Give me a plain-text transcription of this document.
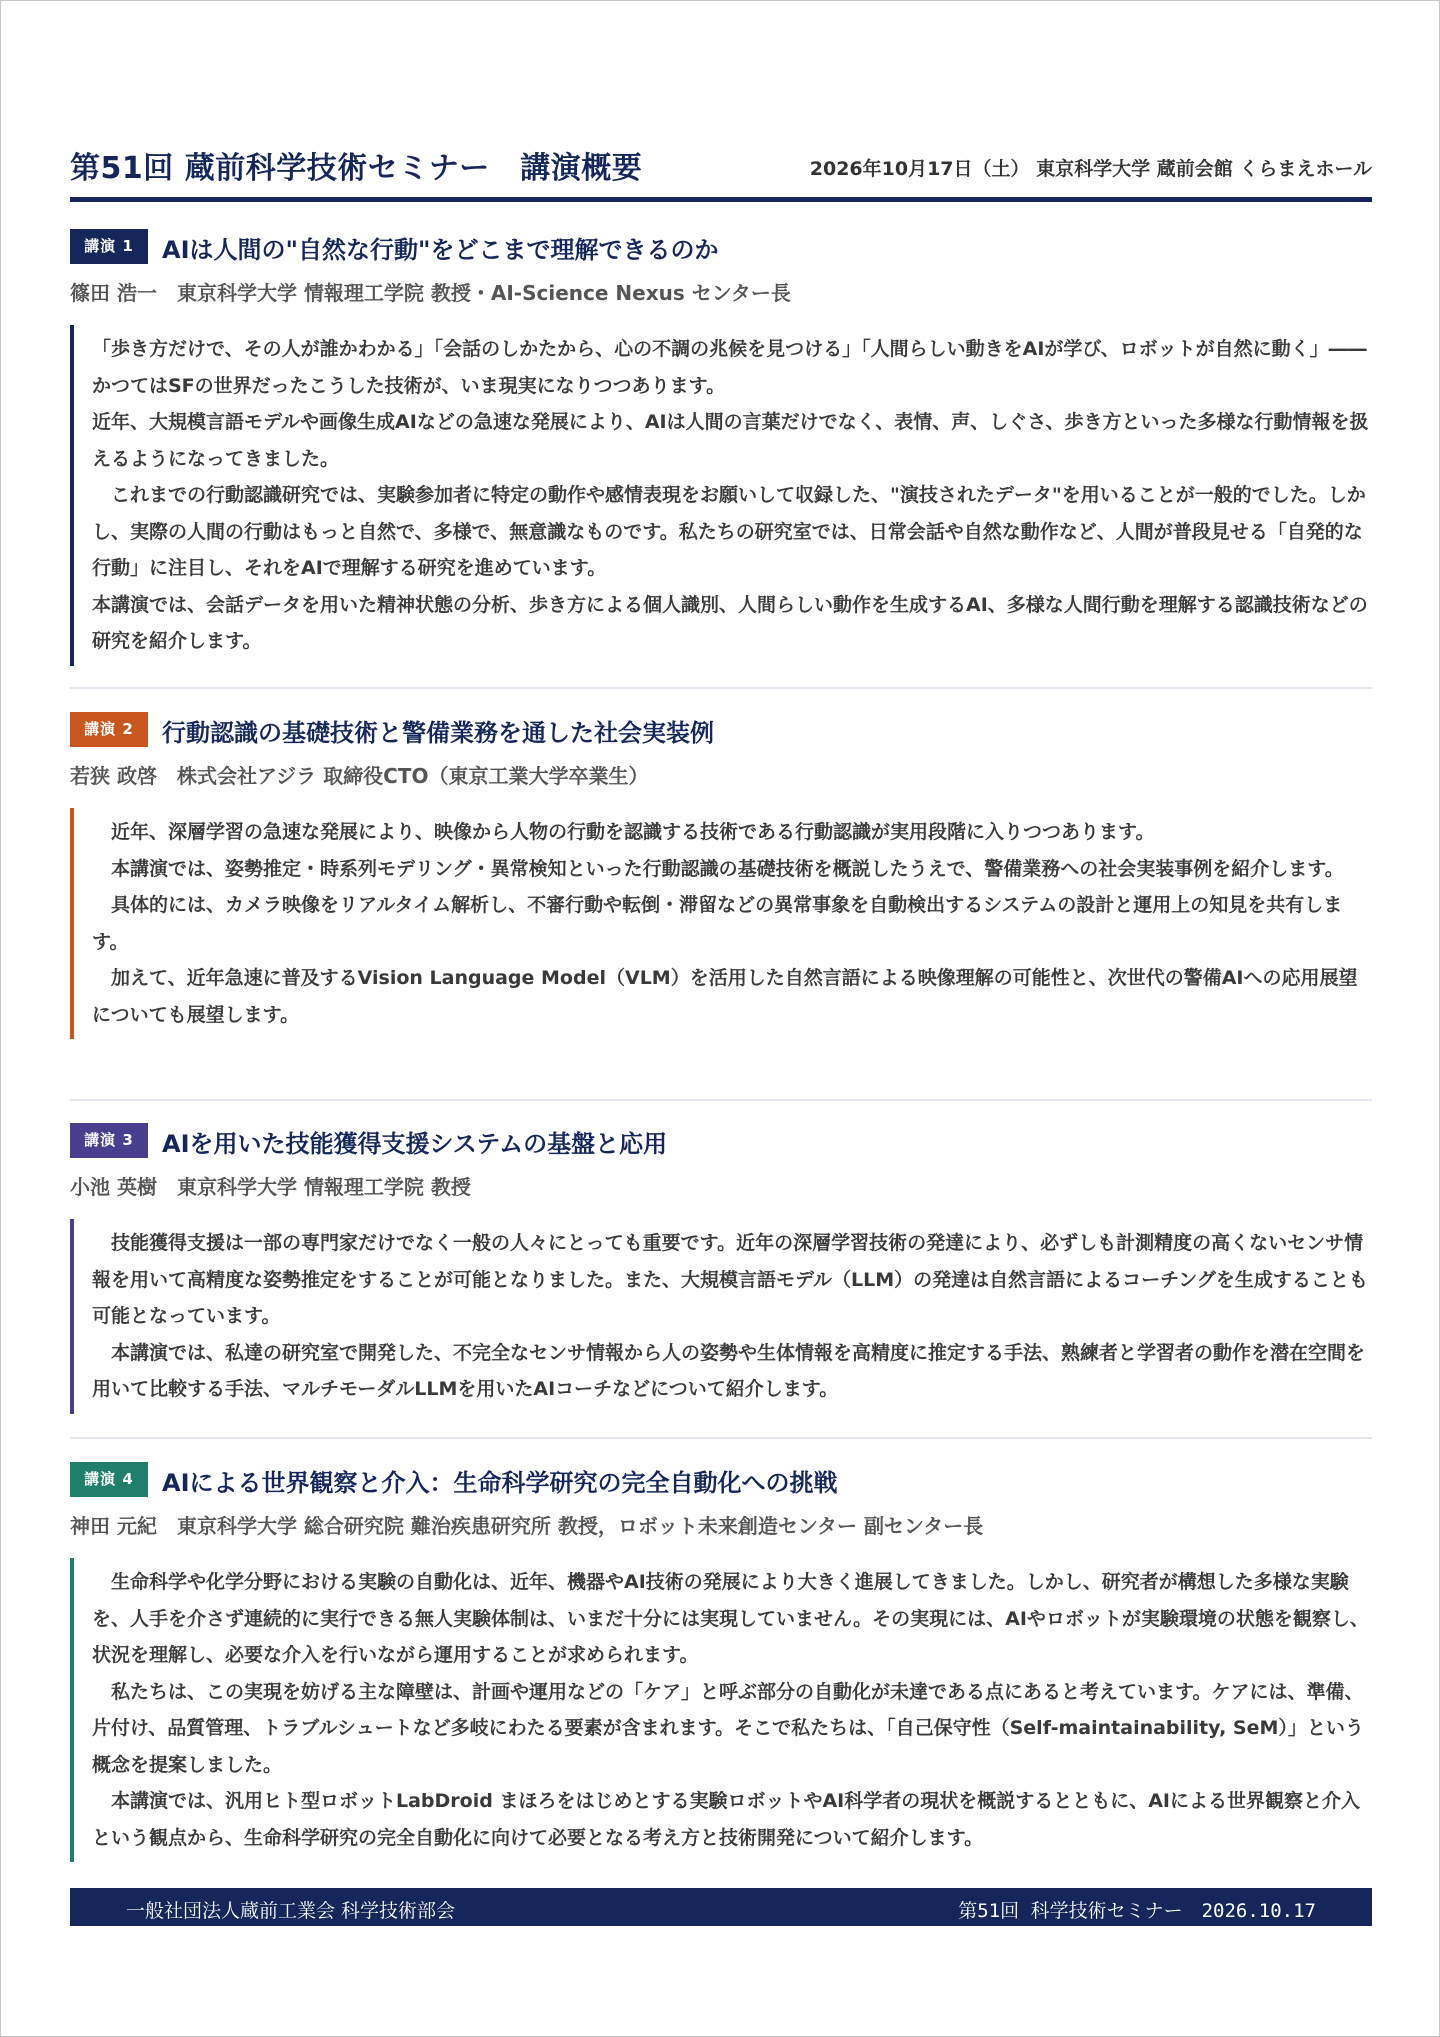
第51回 蔵前科学技術セミナー　講演概要	2026年10月17日（土） 東京科学大学 蔵前会館 くらまえホール
講演 1	AIは人間の"自然な行動"をどこまで理解できるのか
篠田 浩一　東京科学大学 情報理工学院 教授・AI-Science Nexus センター長

「歩き方だけで、その人が誰かわかる」「会話のしかたから、心の不調の兆候を見つける」「人間らしい動きをAIが学び、ロボットが自然に動く」――かつてはSFの世界だったこうした技術が、いま現実になりつつあります。

近年、大規模言語モデルや画像生成AIなどの急速な発展により、AIは人間の言葉だけでなく、表情、声、しぐさ、歩き方といった多様な行動情報を扱えるようになってきました。

　これまでの行動認識研究では、実験参加者に特定の動作や感情表現をお願いして収録した、"演技されたデータ"を用いることが一般的でした。しかし、実際の人間の行動はもっと自然で、多様で、無意識なものです。私たちの研究室では、日常会話や自然な動作など、人間が普段見せる「自発的な行動」に注目し、それをAIで理解する研究を進めています。

本講演では、会話データを用いた精神状態の分析、歩き方による個人識別、人間らしい動作を生成するAI、多様な人間行動を理解する認識技術などの研究を紹介します。

講演 2	行動認識の基礎技術と警備業務を通した社会実装例
若狭 政啓　株式会社アジラ 取締役CTO（東京工業大学卒業生）

　近年、深層学習の急速な発展により、映像から人物の行動を認識する技術である行動認識が実用段階に入りつつあります。

　本講演では、姿勢推定・時系列モデリング・異常検知といった行動認識の基礎技術を概説したうえで、警備業務への社会実装事例を紹介します。

　具体的には、カメラ映像をリアルタイム解析し、不審行動や転倒・滞留などの異常事象を自動検出するシステムの設計と運用上の知見を共有します。

　加えて、近年急速に普及するVision Language Model（VLM）を活用した自然言語による映像理解の可能性と、次世代の警備AIへの応用展望についても展望します。

講演 3	AIを用いた技能獲得支援システムの基盤と応用
小池 英樹　東京科学大学 情報理工学院 教授

　技能獲得支援は一部の専門家だけでなく一般の人々にとっても重要です。近年の深層学習技術の発達により、必ずしも計測精度の高くないセンサ情報を用いて高精度な姿勢推定をすることが可能となりました。また、大規模言語モデル（LLM）の発達は自然言語によるコーチングを生成することも可能となっています。

　本講演では、私達の研究室で開発した、不完全なセンサ情報から人の姿勢や生体情報を高精度に推定する手法、熟練者と学習者の動作を潜在空間を用いて比較する手法、マルチモーダルLLMを用いたAIコーチなどについて紹介します。

講演 4	AIによる世界観察と介入：生命科学研究の完全自動化への挑戦
神田 元紀　東京科学大学 総合研究院 難治疾患研究所 教授，ロボット未来創造センター 副センター長

　生命科学や化学分野における実験の自動化は、近年、機器やAI技術の発展により大きく進展してきました。しかし、研究者が構想した多様な実験を、人手を介さず連続的に実行できる無人実験体制は、いまだ十分には実現していません。その実現には、AIやロボットが実験環境の状態を観察し、状況を理解し、必要な介入を行いながら運用することが求められます。

　私たちは、この実現を妨げる主な障壁は、計画や運用などの「ケア」と呼ぶ部分の自動化が未達である点にあると考えています。ケアには、準備、片付け、品質管理、トラブルシュートなど多岐にわたる要素が含まれます。そこで私たちは、「自己保守性（Self-maintainability, SeM）」という概念を提案しました。

　本講演では、汎用ヒト型ロボットLabDroid まほろをはじめとする実験ロボットやAI科学者の現状を概説するとともに、AIによる世界観察と介入という観点から、生命科学研究の完全自動化に向けて必要となる考え方と技術開発について紹介します。

一般社団法人蔵前工業会 科学技術部会	第51回 科学技術セミナー　2026.10.17
